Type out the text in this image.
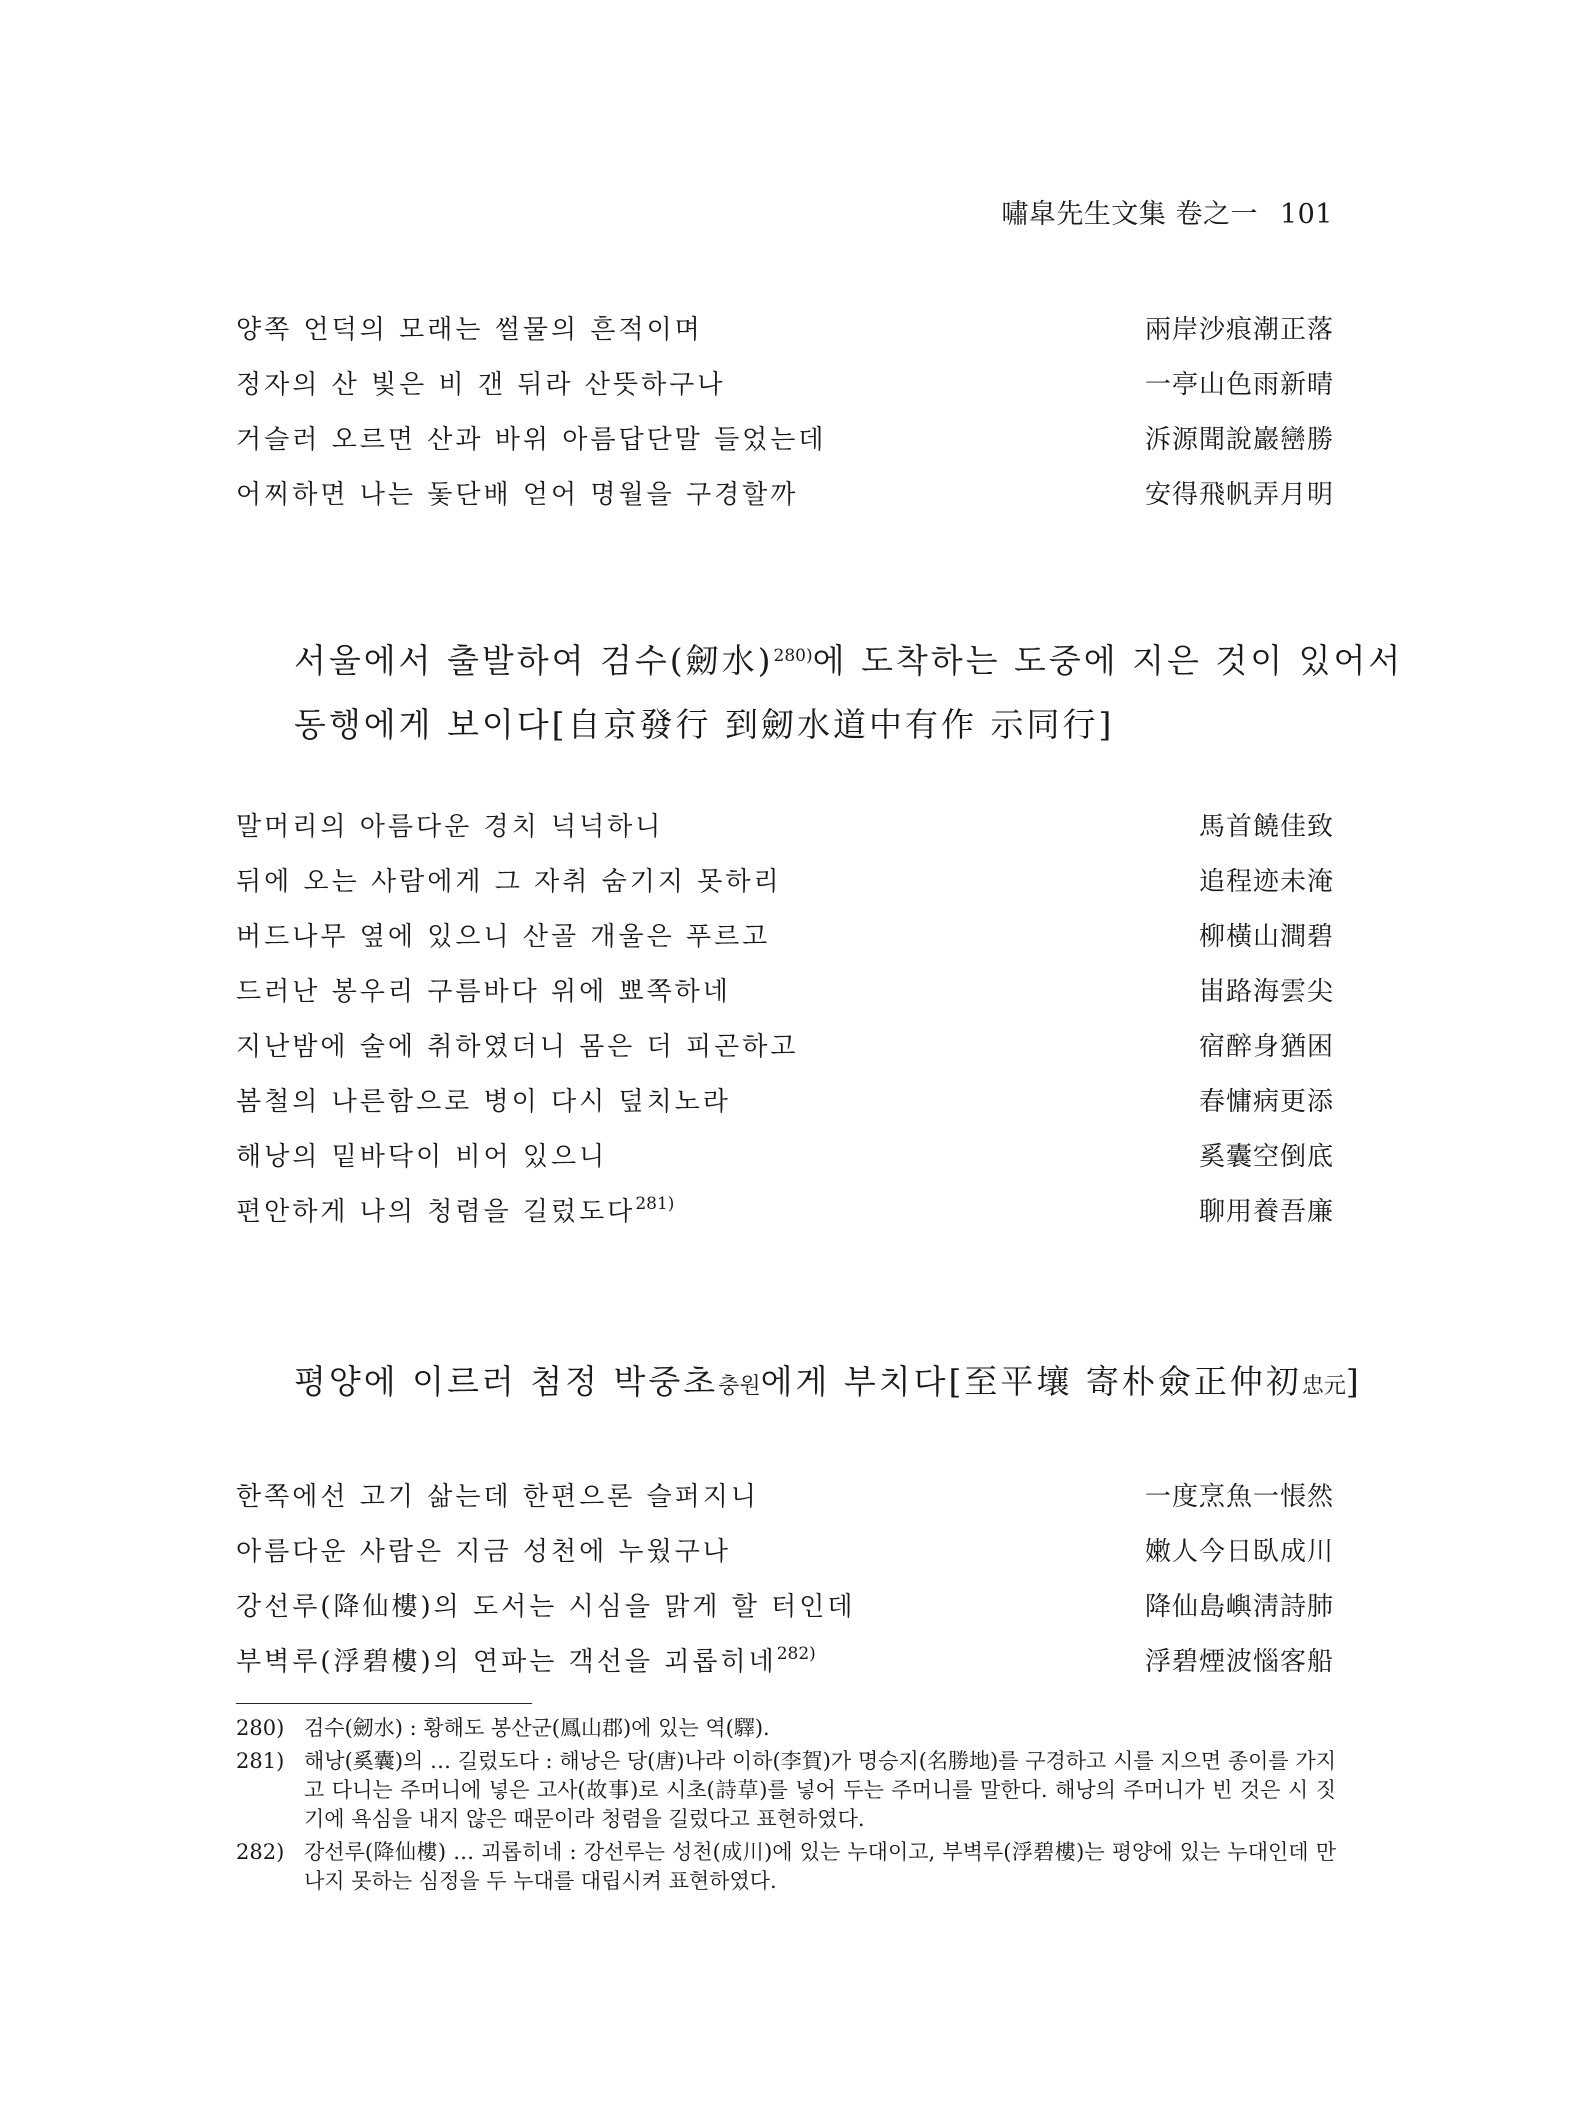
嘯皐先生文集 卷之一 101
양쪽 언덕의 모래는 썰물의 흔적이며	兩岸沙痕潮正落
정자의 산 빛은 비 갠 뒤라 산뜻하구나	一亭山色雨新晴
거슬러 오르면 산과 바위 아름답단말 들었는데	泝源聞說巖巒勝
어찌하면 나는 돛단배 얻어 명월을 구경할까	安得飛帆弄月明
서울에서 출발하여 검수(劒水)$^{280)}$에 도착하는 도중에 지은 것이 있어서
동행에게 보이다[自京發行 到劒水道中有作 示同行]
말머리의 아름다운 경치 넉넉하니	馬首饒佳致
뒤에 오는 사람에게 그 자취 숨기지 못하리	追程迹未淹
버드나무 옆에 있으니 산골 개울은 푸르고	柳橫山澗碧
드러난 봉우리 구름바다 위에 뾰쪽하네	峀路海雲尖
지난밤에 술에 취하였더니 몸은 더 피곤하고	宿醉身猶困
봄철의 나른함으로 병이 다시 덮치노라	春慵病更添
해낭의 밑바닥이 비어 있으니	奚囊空倒底
편안하게 나의 청렴을 길렀도다$^{281)}$	聊用養吾廉
평양에 이르러 첨정 박중초충원에게 부치다[至平壤 寄朴僉正仲初忠元]
한쪽에선 고기 삶는데 한편으론 슬퍼지니	一度烹魚一悵然
아름다운 사람은 지금 성천에 누웠구나	嫩人今日臥成川
강선루(降仙樓)의 도서는 시심을 맑게 할 터인데	降仙島嶼淸詩肺
부벽루(浮碧樓)의 연파는 객선을 괴롭히네$^{282)}$	浮碧煙波惱客船
280) 검수(劒水) : 황해도 봉산군(鳳山郡)에 있는 역(驛).
281) 해낭(奚囊)의 … 길렀도다 : 해낭은 당(唐)나라 이하(李賀)가 명승지(名勝地)를 구경하고 시를 지으면 종이를 가지고 다니는 주머니에 넣은 고사(故事)로 시초(詩草)를 넣어 두는 주머니를 말한다. 해낭의 주머니가 빈 것은 시 짓기에 욕심을 내지 않은 때문이라 청렴을 길렀다고 표현하였다.
282) 강선루(降仙樓) … 괴롭히네 : 강선루는 성천(成川)에 있는 누대이고, 부벽루(浮碧樓)는 평양에 있는 누대인데 만나지 못하는 심정을 두 누대를 대립시켜 표현하였다.
